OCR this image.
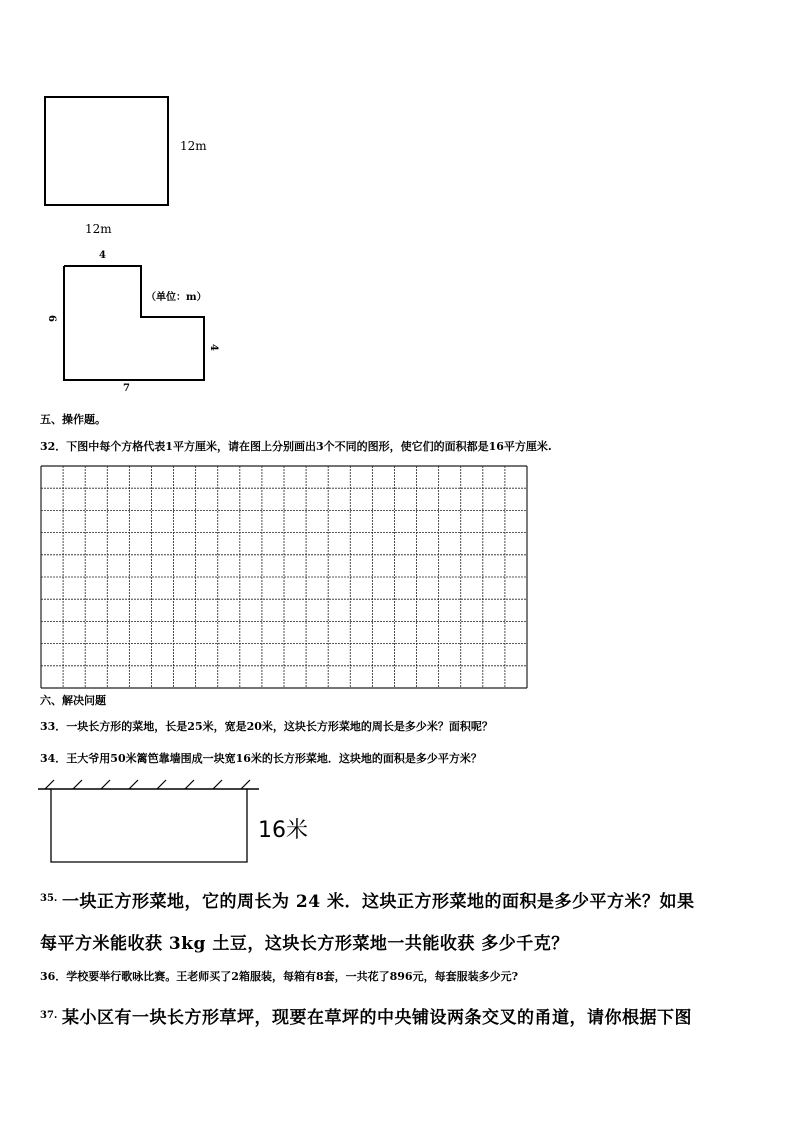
12m
12m
4
6
4
7
（单位：m）
五、操作题。
32．下图中每个方格代表1平方厘米，请在图上分别画出3个不同的图形，使它们的面积都是16平方厘米.
六、解决问题
33．一块长方形的菜地，长是25米，宽是20米，这块长方形菜地的周长是多少米？面积呢？
34．王大爷用50米篱笆靠墙围成一块宽16米的长方形菜地．这块地的面积是多少平方米？
16米
35. 一块正方形菜地，它的周长为 24 米．这块正方形菜地的面积是多少平方米？如果
每平方米能收获 3kg 土豆，这块长方形菜地一共能收获 多少千克？
36．学校要举行歌咏比赛。王老师买了2箱服装，每箱有8套，一共花了896元，每套服装多少元?
37. 某小区有一块长方形草坪，现要在草坪的中央铺设两条交叉的甬道，请你根据下图
